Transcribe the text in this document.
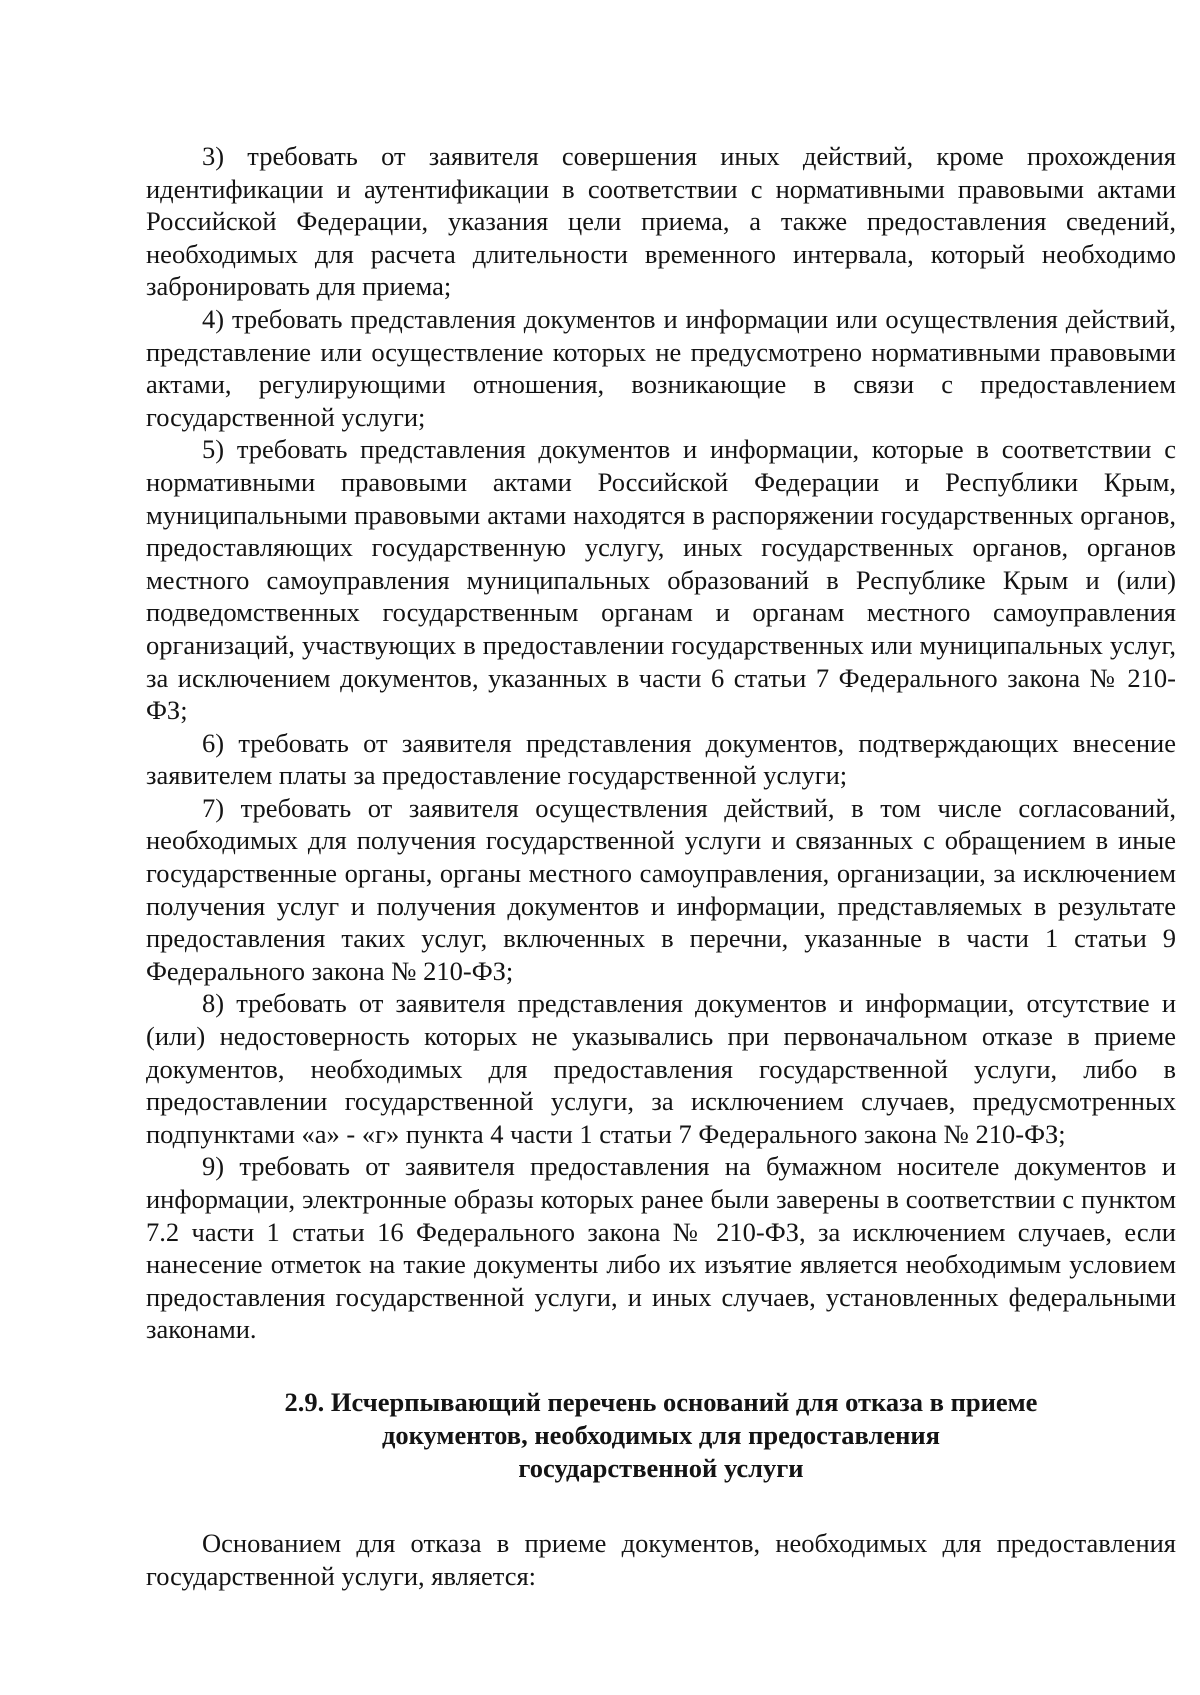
3) требовать от заявителя совершения иных действий, кроме прохождения идентификации и аутентификации в соответствии с нормативными правовыми актами Российской Федерации, указания цели приема, а также предоставления сведений, необходимых для расчета длительности временного интервала, который необходимо забронировать для приема;

4) требовать представления документов и информации или осуществления действий, представление или осуществление которых не предусмотрено нормативными правовыми актами, регулирующими отношения, возникающие в связи с предоставлением государственной услуги;

5) требовать представления документов и информации, которые в соответствии с нормативными правовыми актами Российской Федерации и Республики Крым, муниципальными правовыми актами находятся в распоряжении государственных органов, предоставляющих государственную услугу, иных государственных органов, органов местного самоуправления муниципальных образований в Республике Крым и (или) подведомственных государственным органам и органам местного самоуправления организаций, участвующих в предоставлении государственных или муниципальных услуг, за исключением документов, указанных в части 6 статьи 7 Федерального закона № 210-ФЗ;

6) требовать от заявителя представления документов, подтверждающих внесение заявителем платы за предоставление государственной услуги;

7) требовать от заявителя осуществления действий, в том числе согласований, необходимых для получения государственной услуги и связанных с обращением в иные государственные органы, органы местного самоуправления, организации, за исключением получения услуг и получения документов и информации, представляемых в результате предоставления таких услуг, включенных в перечни, указанные в части 1 статьи 9 Федерального закона № 210-ФЗ;

8) требовать от заявителя представления документов и информации, отсутствие и (или) недостоверность которых не указывались при первоначальном отказе в приеме документов, необходимых для предоставления государственной услуги, либо в предоставлении государственной услуги, за исключением случаев, предусмотренных подпунктами «а» - «г» пункта 4 части 1 статьи 7 Федерального закона № 210-ФЗ;

9) требовать от заявителя предоставления на бумажном носителе документов и информации, электронные образы которых ранее были заверены в соответствии с пунктом 7.2 части 1 статьи 16 Федерального закона № 210-ФЗ, за исключением случаев, если нанесение отметок на такие документы либо их изъятие является необходимым условием предоставления государственной услуги, и иных случаев, установленных федеральными законами.

2.9. Исчерпывающий перечень оснований для отказа в приеме
документов, необходимых для предоставления
государственной услуги

Основанием для отказа в приеме документов, необходимых для предоставления государственной услуги, является:
